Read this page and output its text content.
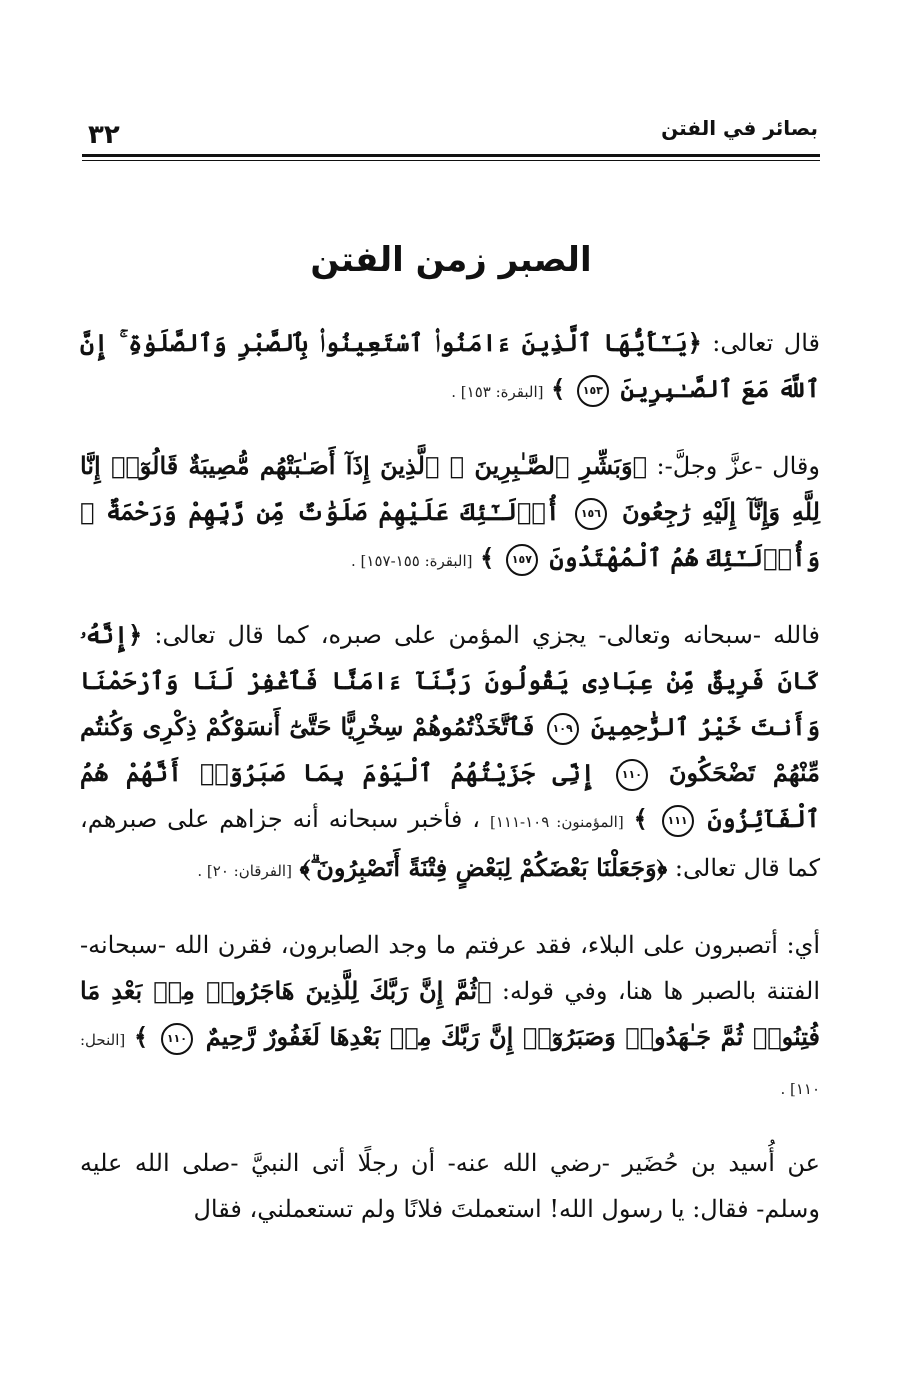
بصائر في الفتن
٣٢
الصبر زمن الفتن

قال تعالى: ﴿يَـٰٓأَيُّهَا ٱلَّذِينَ ءَامَنُوا۟ ٱسْتَعِينُوا۟ بِٱلصَّبْرِ وَٱلصَّلَوٰةِ ۚ إِنَّ ٱللَّهَ مَعَ ٱلصَّـٰبِرِينَ ١٥٣ ﴾ [البقرة: ١٥٣] .

وقال -عزَّ وجلَّ-: ﴿وَبَشِّرِ ٱلصَّـٰبِرِينَ ۞ ٱلَّذِينَ إِذَآ أَصَـٰبَتْهُم مُّصِيبَةٌ قَالُوٓا۟ إِنَّا لِلَّهِ وَإِنَّآ إِلَيْهِ رَٰجِعُونَ ١٥٦ أُو۟لَـٰٓئِكَ عَلَيْهِمْ صَلَوَٰتٌ مِّن رَّبِّهِمْ وَرَحْمَةٌ ۖ وَأُو۟لَـٰٓئِكَ هُمُ ٱلْمُهْتَدُونَ ١٥٧ ﴾ [البقرة: ١٥٥-١٥٧] .

فالله -سبحانه وتعالى- يجزي المؤمن على صبره، كما قال تعالى: ﴿إِنَّهُۥ كَانَ فَرِيقٌ مِّنْ عِبَادِى يَقُولُونَ رَبَّنَآ ءَامَنَّا فَٱغْفِرْ لَنَا وَٱرْحَمْنَا وَأَنتَ خَيْرُ ٱلرَّٰحِمِينَ ١٠٩ فَٱتَّخَذْتُمُوهُمْ سِخْرِيًّا حَتَّىٰٓ أَنسَوْكُمْ ذِكْرِى وَكُنتُم مِّنْهُمْ تَضْحَكُونَ ١١٠ إِنِّى جَزَيْتُهُمُ ٱلْيَوْمَ بِمَا صَبَرُوٓا۟ أَنَّهُمْ هُمُ ٱلْفَآئِزُونَ ١١١ ﴾ [المؤمنون: ١٠٩-١١١] ، فأخبر سبحانه أنه جزاهم على صبرهم، كما قال تعالى: ﴿وَجَعَلْنَا بَعْضَكُمْ لِبَعْضٍ فِتْنَةً أَتَصْبِرُونَ ۗ﴾ [الفرقان: ٢٠] .

أي: أتصبرون على البلاء، فقد عرفتم ما وجد الصابرون، فقرن الله -سبحانه- الفتنة بالصبر ها هنا، وفي قوله: ﴿ثُمَّ إِنَّ رَبَّكَ لِلَّذِينَ هَاجَرُوا۟ مِنۢ بَعْدِ مَا فُتِنُوا۟ ثُمَّ جَـٰهَدُوا۟ وَصَبَرُوٓا۟ إِنَّ رَبَّكَ مِنۢ بَعْدِهَا لَغَفُورٌ رَّحِيمٌ ١١٠ ﴾ [النحل: ١١٠] .

عن أُسيد بن حُضَير -رضي الله عنه- أن رجلًا أتى النبيَّ -صلى الله عليه وسلم- فقال: يا رسول الله! استعملتَ فلانًا ولم تستعملني، فقال
